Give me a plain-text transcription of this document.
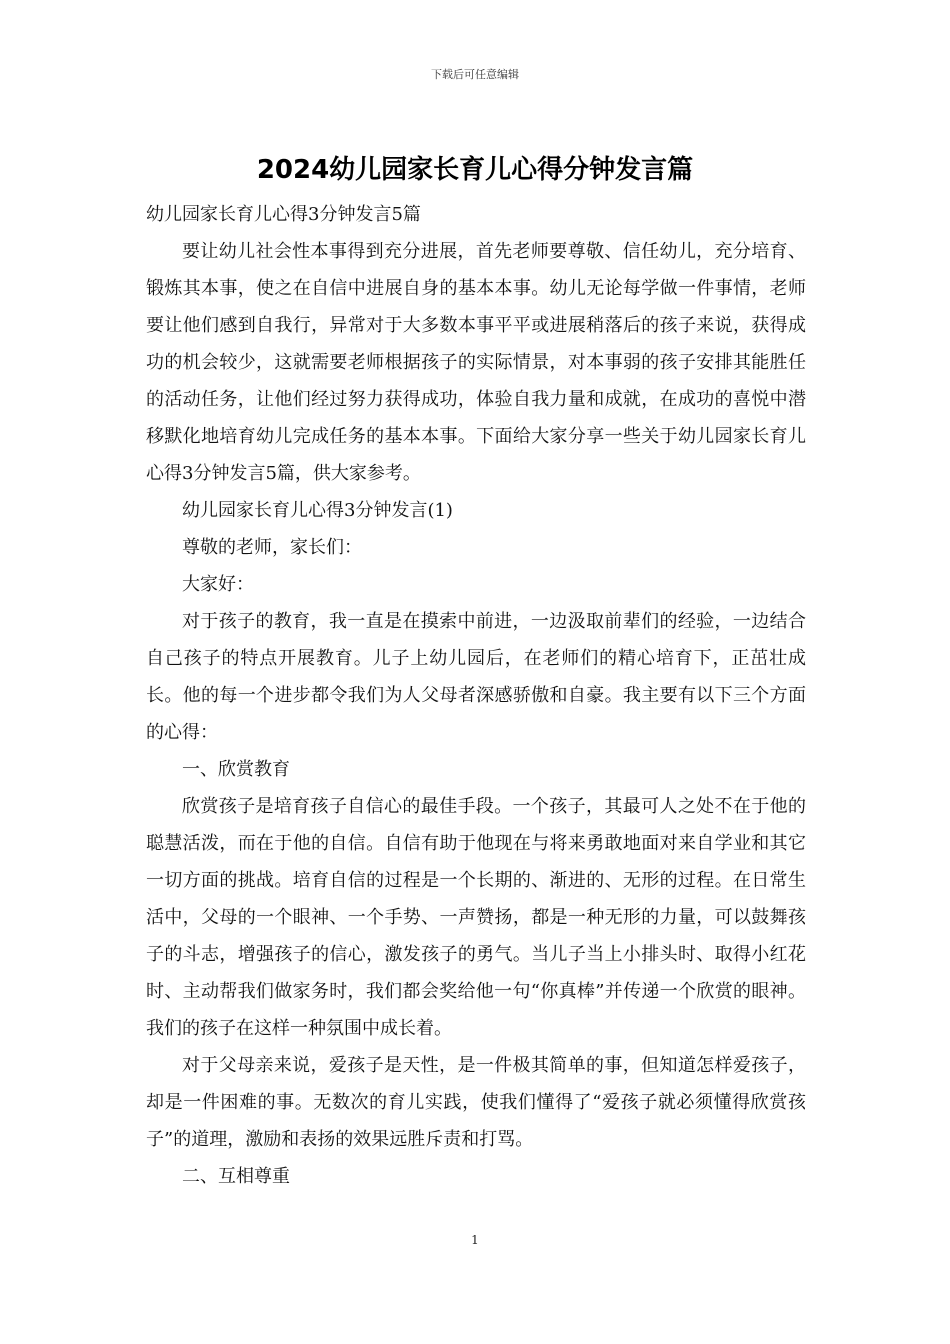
下载后可任意编辑
2024幼儿园家长育儿心得分钟发言篇

幼儿园家长育儿心得3分钟发言5篇

要让幼儿社会性本事得到充分进展，首先老师要尊敬、信任幼儿，充分培育、锻炼其本事，使之在自信中进展自身的基本本事。幼儿无论每学做一件事情，老师要让他们感到自我行，异常对于大多数本事平平或进展稍落后的孩子来说，获得成功的机会较少，这就需要老师根据孩子的实际情景，对本事弱的孩子安排其能胜任的活动任务，让他们经过努力获得成功，体验自我力量和成就，在成功的喜悦中潜移默化地培育幼儿完成任务的基本本事。下面给大家分享一些关于幼儿园家长育儿心得3分钟发言5篇，供大家参考。

幼儿园家长育儿心得3分钟发言(1)

尊敬的老师，家长们：

大家好：

对于孩子的教育，我一直是在摸索中前进，一边汲取前辈们的经验，一边结合自己孩子的特点开展教育。儿子上幼儿园后，在老师们的精心培育下，正茁壮成长。他的每一个进步都令我们为人父母者深感骄傲和自豪。我主要有以下三个方面的心得：

一、欣赏教育

欣赏孩子是培育孩子自信心的最佳手段。一个孩子，其最可人之处不在于他的聪慧活泼，而在于他的自信。自信有助于他现在与将来勇敢地面对来自学业和其它一切方面的挑战。培育自信的过程是一个长期的、渐进的、无形的过程。在日常生活中，父母的一个眼神、一个手势、一声赞扬，都是一种无形的力量，可以鼓舞孩子的斗志，增强孩子的信心，激发孩子的勇气。当儿子当上小排头时、取得小红花时、主动帮我们做家务时，我们都会奖给他一句“你真棒”并传递一个欣赏的眼神。我们的孩子在这样一种氛围中成长着。

对于父母亲来说，爱孩子是天性，是一件极其简单的事，但知道怎样爱孩子，却是一件困难的事。无数次的育儿实践，使我们懂得了“爱孩子就必须懂得欣赏孩子”的道理，激励和表扬的效果远胜斥责和打骂。

二、互相尊重

1
